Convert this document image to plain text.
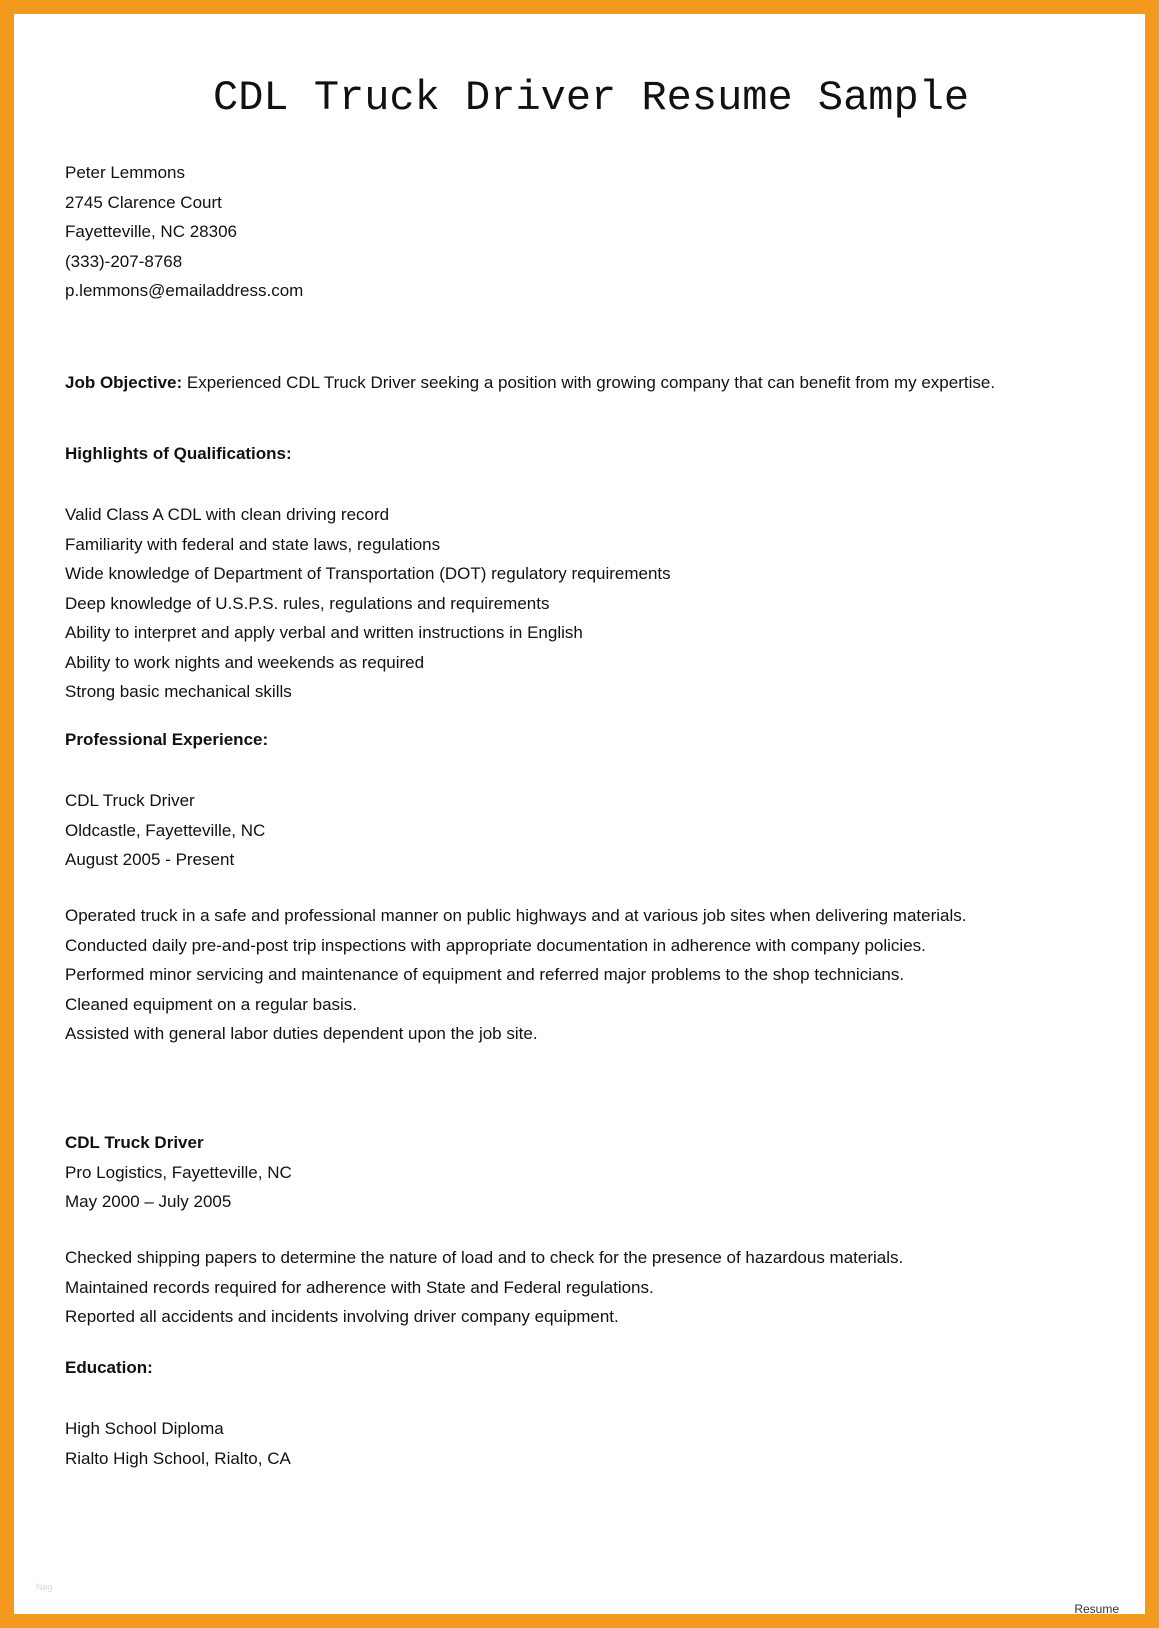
CDL Truck Driver Resume Sample
Peter Lemmons
2745 Clarence Court
Fayetteville, NC 28306
(333)-207-8768
p.lemmons@emailaddress.com
Job Objective: Experienced CDL Truck Driver seeking a position with growing company that can benefit from my expertise.
Highlights of Qualifications:
Valid Class A CDL with clean driving record
Familiarity with federal and state laws, regulations
Wide knowledge of Department of Transportation (DOT) regulatory requirements
Deep knowledge of U.S.P.S. rules, regulations and requirements
Ability to interpret and apply verbal and written instructions in English
Ability to work nights and weekends as required
Strong basic mechanical skills
Professional Experience:
CDL Truck Driver
Oldcastle, Fayetteville, NC
August 2005 - Present
Operated truck in a safe and professional manner on public highways and at various job sites when delivering materials.
Conducted daily pre-and-post trip inspections with appropriate documentation in adherence with company policies.
Performed minor servicing and maintenance of equipment and referred major problems to the shop technicians.
Cleaned equipment on a regular basis.
Assisted with general labor duties dependent upon the job site.
CDL Truck Driver
Pro Logistics, Fayetteville, NC
May 2000 – July 2005
Checked shipping papers to determine the nature of load and to check for the presence of hazardous materials.
Maintained records required for adherence with State and Federal regulations.
Reported all accidents and incidents involving driver company equipment.
Education:
High School Diploma
Rialto High School, Rialto, CA
Neg
Resume
